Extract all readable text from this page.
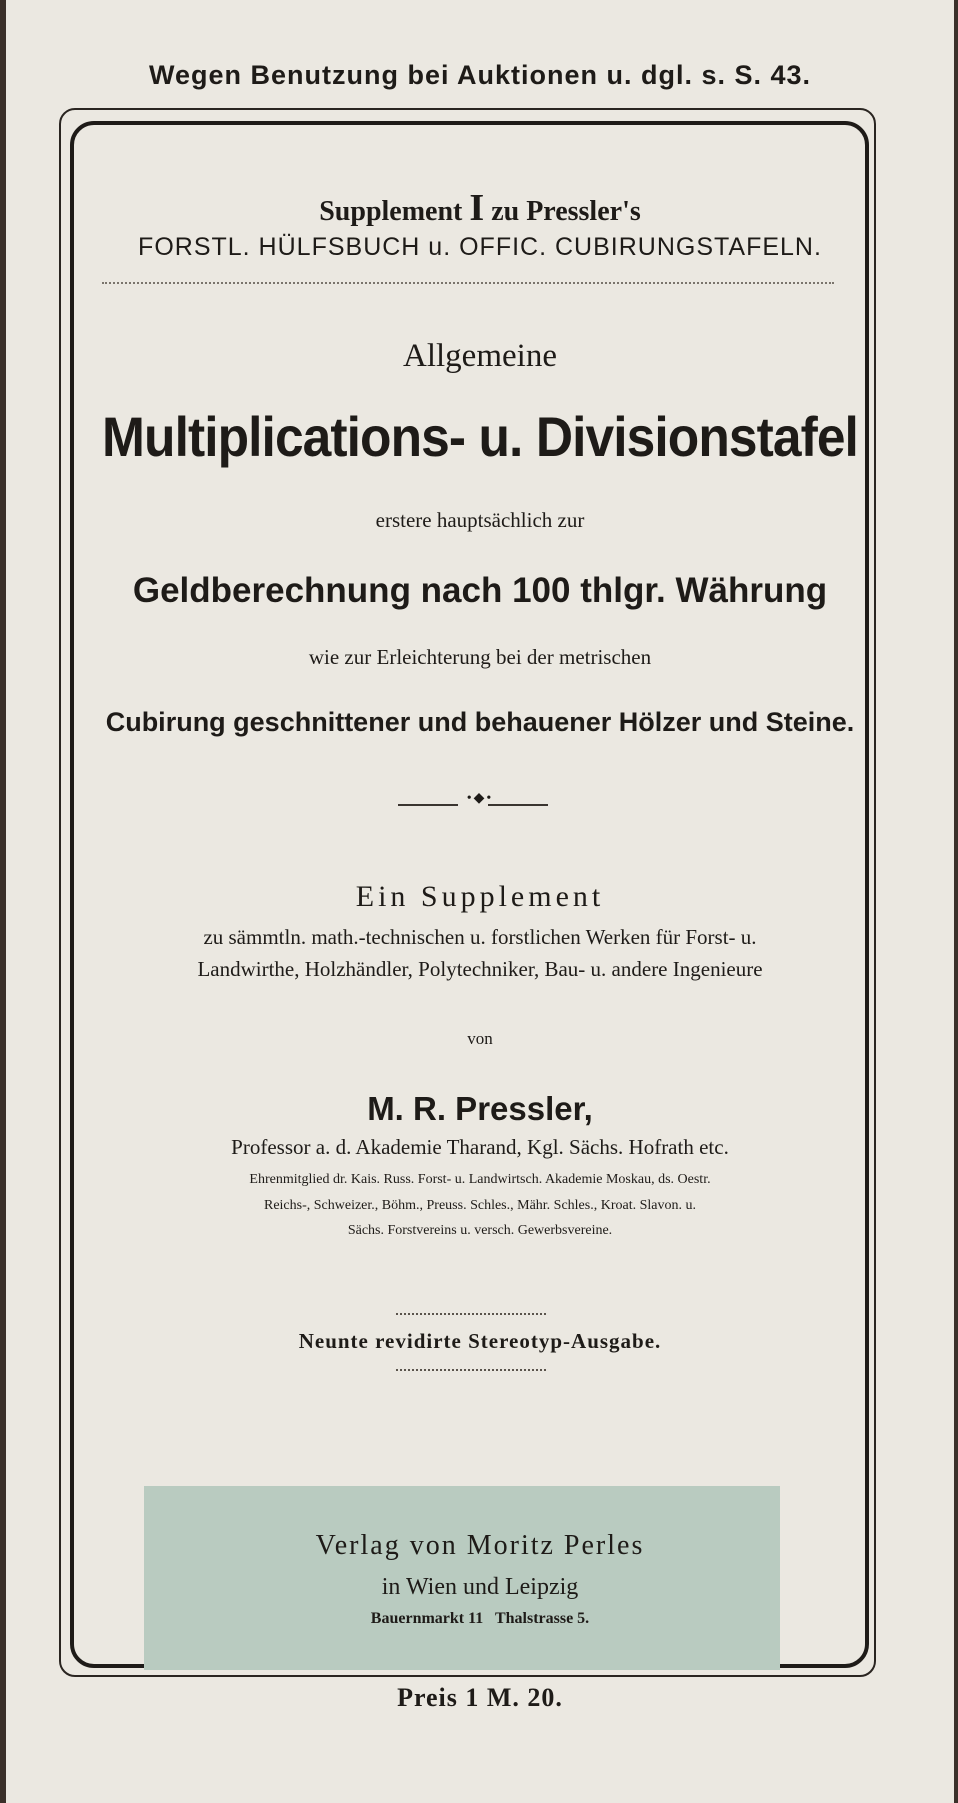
Wegen Benutzung bei Auktionen u. dgl. s. S. 43.

Supplement I zu Pressler's

FORSTL. HÜLFSBUCH u. OFFIC. CUBIRUNGSTAFELN.

Allgemeine

Multiplications- u. Divisionstafel

erstere hauptsächlich zur

Geldberechnung nach 100 thlgr. Währung

wie zur Erleichterung bei der metrischen

Cubirung geschnittener und behauener Hölzer und Steine.

•◆•

Ein Supplement

zu sämmtln. math.-technischen u. forstlichen Werken für Forst- u.

Landwirthe, Holzhändler, Polytechniker, Bau- u. andere Ingenieure

von

M. R. Pressler,

Professor a. d. Akademie Tharand, Kgl. Sächs. Hofrath etc.

Ehrenmitglied dr. Kais. Russ. Forst- u. Landwirtsch. Akademie Moskau, ds. Oestr.

Reichs-, Schweizer., Böhm., Preuss. Schles., Mähr. Schles., Kroat. Slavon. u.

Sächs. Forstvereins u. versch. Gewerbsvereine.

Neunte revidirte Stereotyp-Ausgabe.

Verlag von Moritz Perles

in Wien und Leipzig

Bauernmarkt 11   Thalstrasse 5.

Preis 1 M. 20.
